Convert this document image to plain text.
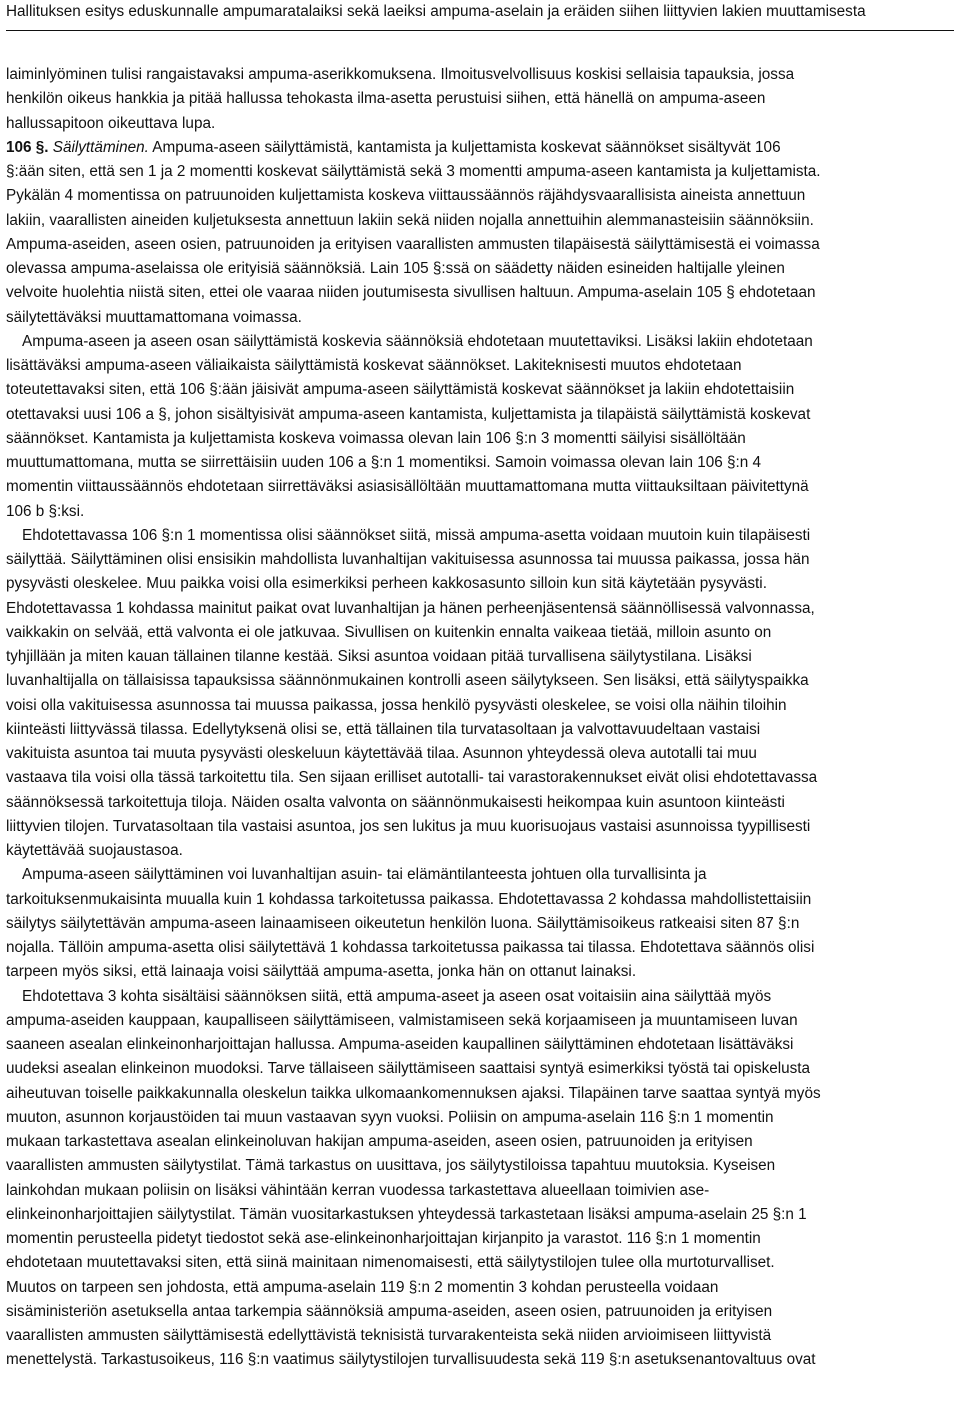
Hallituksen esitys eduskunnalle ampumaratalaiksi sekä laeiksi ampuma-aselain ja eräiden siihen liittyvien lakien muuttamisesta
laiminlyöminen tulisi rangaistavaksi ampuma-aserikkomuksena. Ilmoitusvelvollisuus koskisi sellaisia tapauksia, jossa
henkilön oikeus hankkia ja pitää hallussa tehokasta ilma-asetta perustuisi siihen, että hänellä on ampuma-aseen
hallussapitoon oikeuttava lupa.
106 §. Säilyttäminen. Ampuma-aseen säilyttämistä, kantamista ja kuljettamista koskevat säännökset sisältyvät 106
§:ään siten, että sen 1 ja 2 momentti koskevat säilyttämistä sekä 3 momentti ampuma-aseen kantamista ja kuljettamista.
Pykälän 4 momentissa on patruunoiden kuljettamista koskeva viittaussäännös räjähdysvaarallisista aineista annettuun
lakiin, vaarallisten aineiden kuljetuksesta annettuun lakiin sekä niiden nojalla annettuihin alemmanasteisiin säännöksiin.
Ampuma-aseiden, aseen osien, patruunoiden ja erityisen vaarallisten ammusten tilapäisestä säilyttämisestä ei voimassa
olevassa ampuma-aselaissa ole erityisiä säännöksiä. Lain 105 §:ssä on säädetty näiden esineiden haltijalle yleinen
velvoite huolehtia niistä siten, ettei ole vaaraa niiden joutumisesta sivullisen haltuun. Ampuma-aselain 105 § ehdotetaan
säilytettäväksi muuttamattomana voimassa.
Ampuma-aseen ja aseen osan säilyttämistä koskevia säännöksiä ehdotetaan muutettaviksi. Lisäksi lakiin ehdotetaan
lisättäväksi ampuma-aseen väliaikaista säilyttämistä koskevat säännökset. Lakiteknisesti muutos ehdotetaan
toteutettavaksi siten, että 106 §:ään jäisivät ampuma-aseen säilyttämistä koskevat säännökset ja lakiin ehdotettaisiin
otettavaksi uusi 106 a §, johon sisältyisivät ampuma-aseen kantamista, kuljettamista ja tilapäistä säilyttämistä koskevat
säännökset. Kantamista ja kuljettamista koskeva voimassa olevan lain 106 §:n 3 momentti säilyisi sisällöltään
muuttumattomana, mutta se siirrettäisiin uuden 106 a §:n 1 momentiksi. Samoin voimassa olevan lain 106 §:n 4
momentin viittaussäännös ehdotetaan siirrettäväksi asiasisällöltään muuttamattomana mutta viittauksiltaan päivitettynä
106 b §:ksi.
Ehdotettavassa 106 §:n 1 momentissa olisi säännökset siitä, missä ampuma-asetta voidaan muutoin kuin tilapäisesti
säilyttää. Säilyttäminen olisi ensisikin mahdollista luvanhaltijan vakituisessa asunnossa tai muussa paikassa, jossa hän
pysyvästi oleskelee. Muu paikka voisi olla esimerkiksi perheen kakkosasunto silloin kun sitä käytetään pysyvästi.
Ehdotettavassa 1 kohdassa mainitut paikat ovat luvanhaltijan ja hänen perheenjäsentensä säännöllisessä valvonnassa,
vaikkakin on selvää, että valvonta ei ole jatkuvaa. Sivullisen on kuitenkin ennalta vaikeaa tietää, milloin asunto on
tyhjillään ja miten kauan tällainen tilanne kestää. Siksi asuntoa voidaan pitää turvallisena säilytystilana. Lisäksi
luvanhaltijalla on tällaisissa tapauksissa säännönmukainen kontrolli aseen säilytykseen. Sen lisäksi, että säilytyspaikka
voisi olla vakituisessa asunnossa tai muussa paikassa, jossa henkilö pysyvästi oleskelee, se voisi olla näihin tiloihin
kiinteästi liittyvässä tilassa. Edellytyksenä olisi se, että tällainen tila turvatasoltaan ja valvottavuudeltaan vastaisi
vakituista asuntoa tai muuta pysyvästi oleskeluun käytettävää tilaa. Asunnon yhteydessä oleva autotalli tai muu
vastaava tila voisi olla tässä tarkoitettu tila. Sen sijaan erilliset autotalli- tai varastorakennukset eivät olisi ehdotettavassa
säännöksessä tarkoitettuja tiloja. Näiden osalta valvonta on säännönmukaisesti heikompaa kuin asuntoon kiinteästi
liittyvien tilojen. Turvatasoltaan tila vastaisi asuntoa, jos sen lukitus ja muu kuorisuojaus vastaisi asunnoissa tyypillisesti
käytettävää suojaustasoa.
Ampuma-aseen säilyttäminen voi luvanhaltijan asuin- tai elämäntilanteesta johtuen olla turvallisinta ja
tarkoituksenmukaisinta muualla kuin 1 kohdassa tarkoitetussa paikassa. Ehdotettavassa 2 kohdassa mahdollistettaisiin
säilytys säilytettävän ampuma-aseen lainaamiseen oikeutetun henkilön luona. Säilyttämisoikeus ratkeaisi siten 87 §:n
nojalla. Tällöin ampuma-asetta olisi säilytettävä 1 kohdassa tarkoitetussa paikassa tai tilassa. Ehdotettava säännös olisi
tarpeen myös siksi, että lainaaja voisi säilyttää ampuma-asetta, jonka hän on ottanut lainaksi.
Ehdotettava 3 kohta sisältäisi säännöksen siitä, että ampuma-aseet ja aseen osat voitaisiin aina säilyttää myös
ampuma-aseiden kauppaan, kaupalliseen säilyttämiseen, valmistamiseen sekä korjaamiseen ja muuntamiseen luvan
saaneen asealan elinkeinonharjoittajan hallussa. Ampuma-aseiden kaupallinen säilyttäminen ehdotetaan lisättäväksi
uudeksi asealan elinkeinon muodoksi. Tarve tällaiseen säilyttämiseen saattaisi syntyä esimerkiksi työstä tai opiskelusta
aiheutuvan toiselle paikkakunnalla oleskelun taikka ulkomaankomennuksen ajaksi. Tilapäinen tarve saattaa syntyä myös
muuton, asunnon korjaustöiden tai muun vastaavan syyn vuoksi. Poliisin on ampuma-aselain 116 §:n 1 momentin
mukaan tarkastettava asealan elinkeinoluvan hakijan ampuma-aseiden, aseen osien, patruunoiden ja erityisen
vaarallisten ammusten säilytystilat. Tämä tarkastus on uusittava, jos säilytystiloissa tapahtuu muutoksia. Kyseisen
lainkohdan mukaan poliisin on lisäksi vähintään kerran vuodessa tarkastettava alueellaan toimivien ase-
elinkeinonharjoittajien säilytystilat. Tämän vuositarkastuksen yhteydessä tarkastetaan lisäksi ampuma-aselain 25 §:n 1
momentin perusteella pidetyt tiedostot sekä ase-elinkeinonharjoittajan kirjanpito ja varastot. 116 §:n 1 momentin
ehdotetaan muutettavaksi siten, että siinä mainitaan nimenomaisesti, että säilytystilojen tulee olla murtoturvalliset.
Muutos on tarpeen sen johdosta, että ampuma-aselain 119 §:n 2 momentin 3 kohdan perusteella voidaan
sisäministeriön asetuksella antaa tarkempia säännöksiä ampuma-aseiden, aseen osien, patruunoiden ja erityisen
vaarallisten ammusten säilyttämisestä edellyttävistä teknisistä turvarakenteista sekä niiden arvioimiseen liittyvistä
menettelystä. Tarkastusoikeus, 116 §:n vaatimus säilytystilojen turvallisuudesta sekä 119 §:n asetuksenantovaltuus ovat
